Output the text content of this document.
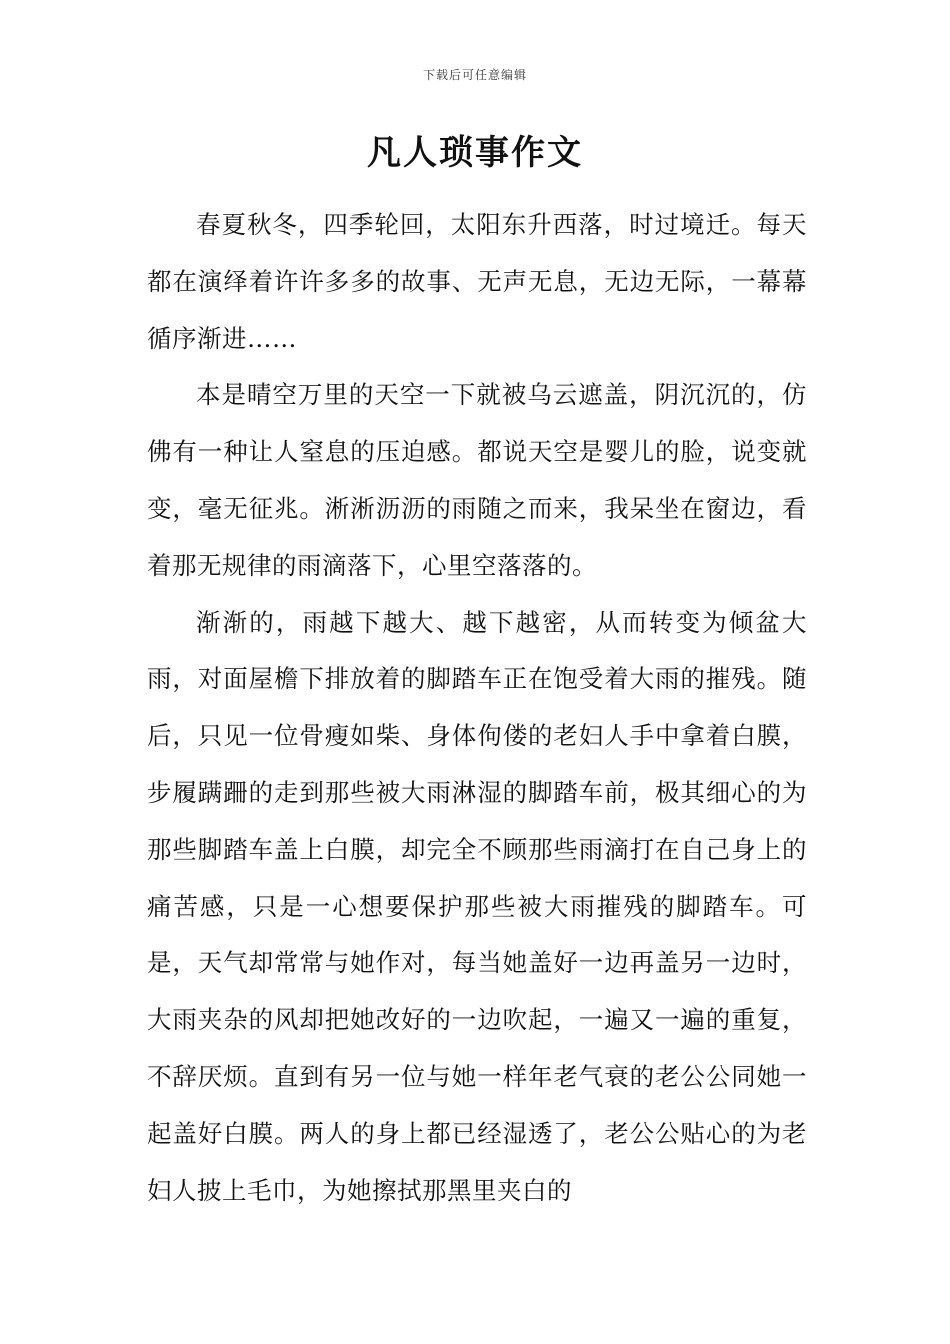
下载后可任意编辑
凡人琐事作文

春夏秋冬，四季轮回，太阳东升西落，时过境迁。每天都在演绎着许许多多的故事、无声无息，无边无际，一幕幕循序渐进……

本是晴空万里的天空一下就被乌云遮盖，阴沉沉的，仿佛有一种让人窒息的压迫感。都说天空是婴儿的脸，说变就变，毫无征兆。淅淅沥沥的雨随之而来，我呆坐在窗边，看着那无规律的雨滴落下，心里空落落的。

渐渐的，雨越下越大、越下越密，从而转变为倾盆大雨，对面屋檐下排放着的脚踏车正在饱受着大雨的摧残。随后，只见一位骨瘦如柴、身体佝偻的老妇人手中拿着白膜，步履蹒跚的走到那些被大雨淋湿的脚踏车前，极其细心的为那些脚踏车盖上白膜，却完全不顾那些雨滴打在自己身上的痛苦感，只是一心想要保护那些被大雨摧残的脚踏车。可是，天气却常常与她作对，每当她盖好一边再盖另一边时，大雨夹杂的风却把她改好的一边吹起，一遍又一遍的重复，不辞厌烦。直到有另一位与她一样年老气衰的老公公同她一起盖好白膜。两人的身上都已经湿透了，老公公贴心的为老妇人披上毛巾，为她擦拭那黑里夹白的
